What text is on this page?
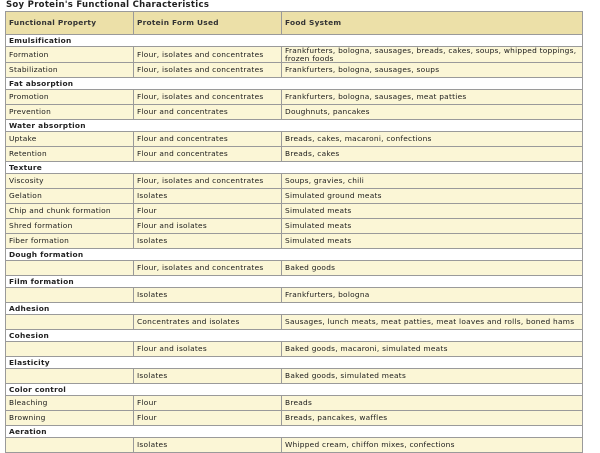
Soy Protein's Functional Characteristics
Functional Property	Protein Form Used	Food System
Emulsification		
Formation	Flour, isolates and concentrates	Frankfurters, bologna, sausages, breads, cakes, soups, whipped toppings, frozen foods
Stabilization	Flour, isolates and concentrates	Frankfurters, bologna, sausages, soups
Fat absorption		
Promotion	Flour, isolates and concentrates	Frankfurters, bologna, sausages, meat patties
Prevention	Flour and concentrates	Doughnuts, pancakes
Water absorption		
Uptake	Flour and concentrates	Breads, cakes, macaroni, confections
Retention	Flour and concentrates	Breads, cakes
Texture		
Viscosity	Flour, isolates and concentrates	Soups, gravies, chili
Gelation	Isolates	Simulated ground meats
Chip and chunk formation	Flour	Simulated meats
Shred formation	Flour and isolates	Simulated meats
Fiber formation	Isolates	Simulated meats
Dough formation		
	Flour, isolates and concentrates	Baked goods
Film formation		
	Isolates	Frankfurters, bologna
Adhesion		
	Concentrates and isolates	Sausages, lunch meats, meat patties, meat loaves and rolls, boned hams
Cohesion		
	Flour and isolates	Baked goods, macaroni, simulated meats
Elasticity		
	Isolates	Baked goods, simulated meats
Color control		
Bleaching	Flour	Breads
Browning	Flour	Breads, pancakes, waffles
Aeration		
	Isolates	Whipped cream, chiffon mixes, confections
